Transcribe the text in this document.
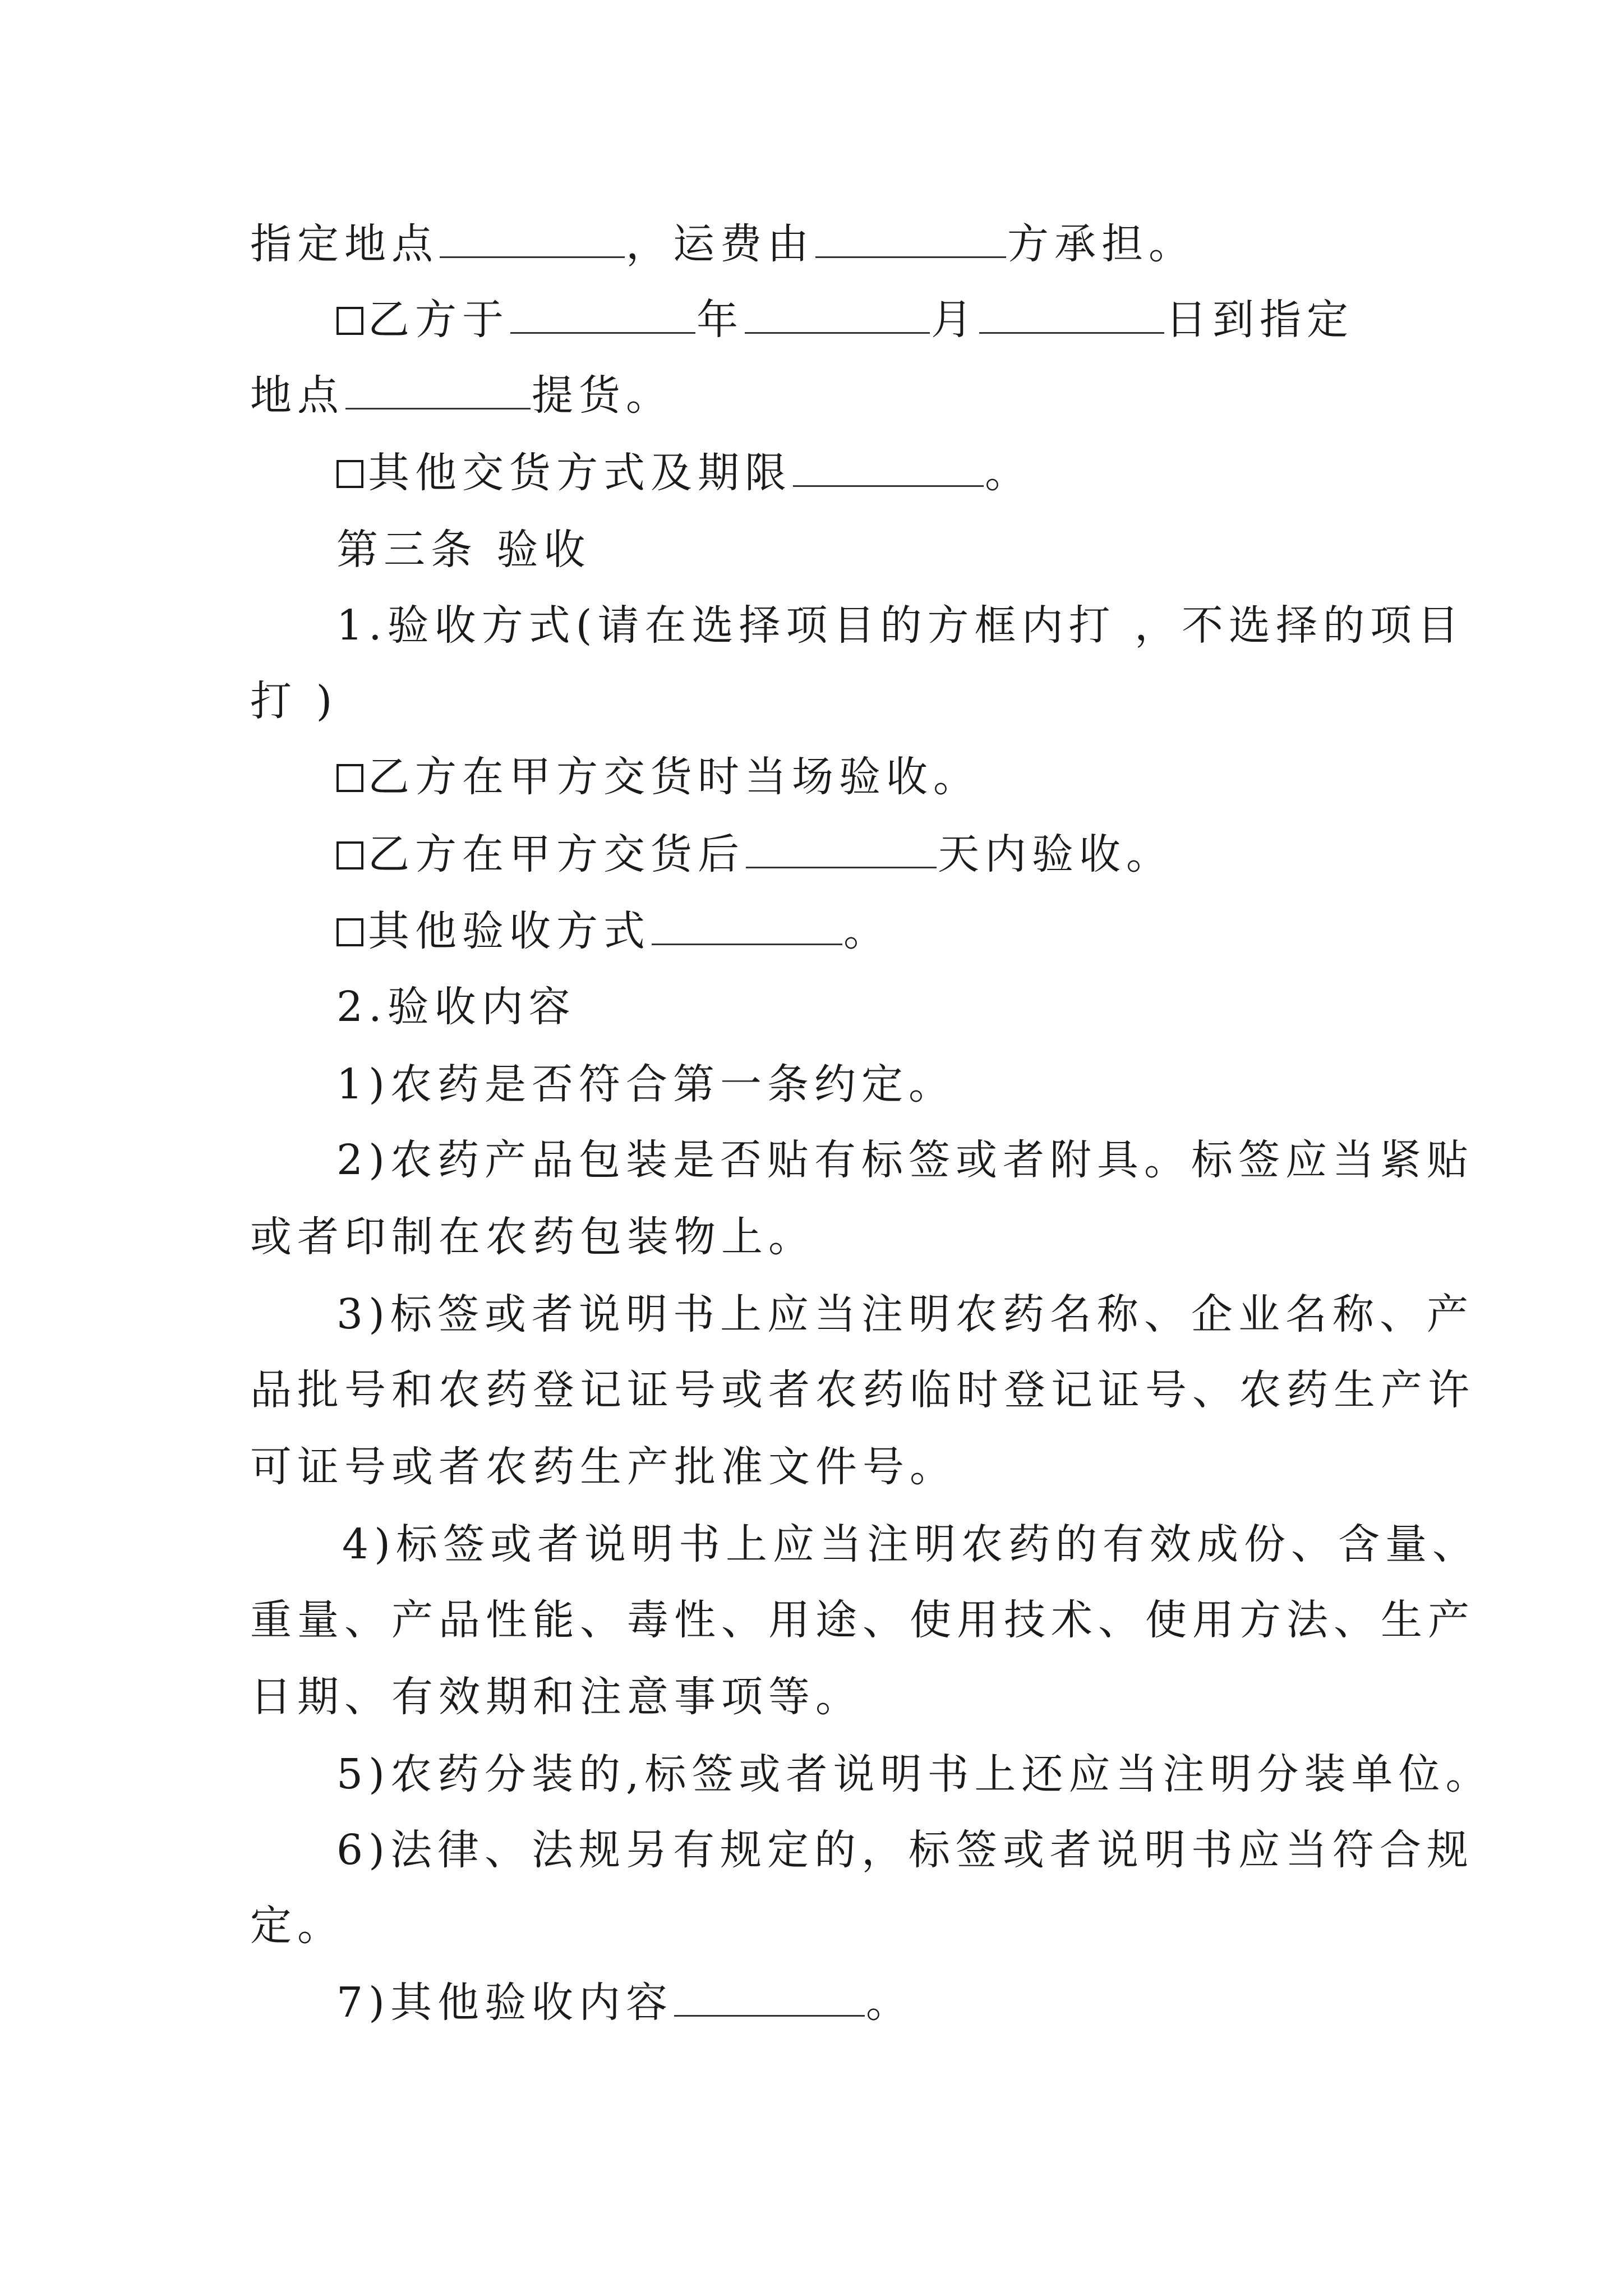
指定地点	，运费由	方承担。
乙方于	年	月	日到指定
地点	提货。
其他交货方式及期限	。
第三条 验收
1.验收方式(请在选择项目的方框内打 ，不选择的项目
打 )
乙方在甲方交货时当场验收。
乙方在甲方交货后	天内验收。
其他验收方式	。
2.验收内容
1)农药是否符合第一条约定。
2)农药产品包装是否贴有标签或者附具。标签应当紧贴
或者印制在农药包装物上。
3)标签或者说明书上应当注明农药名称、企业名称、产
品批号和农药登记证号或者农药临时登记证号、农药生产许
可证号或者农药生产批准文件号。
4)标签或者说明书上应当注明农药的有效成份、含量、
重量、产品性能、毒性、用途、使用技术、使用方法、生产
日期、有效期和注意事项等。
5)农药分装的,标签或者说明书上还应当注明分装单位。
6)法律、法规另有规定的，标签或者说明书应当符合规
定。
7)其他验收内容	。
